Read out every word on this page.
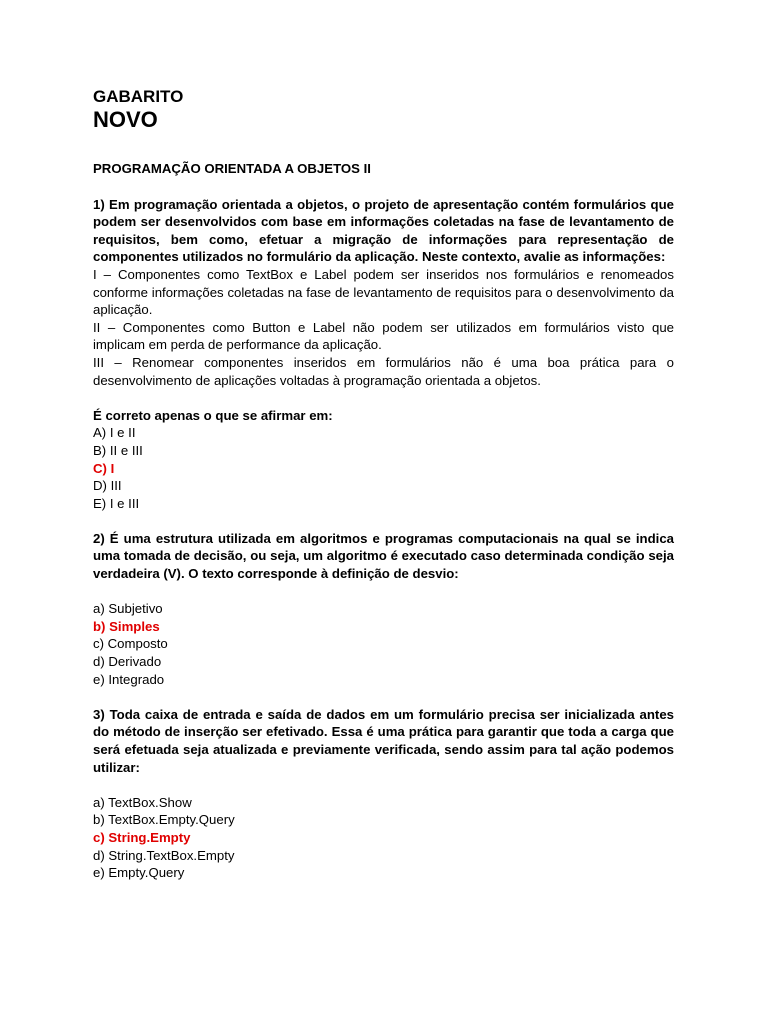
GABARITO
NOVO
PROGRAMAÇÃO ORIENTADA A OBJETOS II

1) Em programação orientada a objetos, o projeto de apresentação contém formulários que podem ser desenvolvidos com base em informações coletadas na fase de levantamento de requisitos, bem como, efetuar a migração de informações para representação de componentes utilizados no formulário da aplicação. Neste contexto, avalie as informações:

I – Componentes como TextBox e Label podem ser inseridos nos formulários e renomeados conforme informações coletadas na fase de levantamento de requisitos para o desenvolvimento da aplicação.

II – Componentes como Button e Label não podem ser utilizados em formulários visto que implicam em perda de performance da aplicação.

III – Renomear componentes inseridos em formulários não é uma boa prática para o desenvolvimento de aplicações voltadas à programação orientada a objetos.

É correto apenas o que se afirmar em:

A) I e II
B) II e III
C) I
D) III
E) I e III

2) É uma estrutura utilizada em algoritmos e programas computacionais na qual se indica uma tomada de decisão, ou seja, um algoritmo é executado caso determinada condição seja verdadeira (V). O texto corresponde à definição de desvio:

a) Subjetivo
b) Simples
c) Composto
d) Derivado
e) Integrado

3) Toda caixa de entrada e saída de dados em um formulário precisa ser inicializada antes do método de inserção ser efetivado. Essa é uma prática para garantir que toda a carga que será efetuada seja atualizada e previamente verificada, sendo assim para tal ação podemos utilizar:

a) TextBox.Show
b) TextBox.Empty.Query
c) String.Empty
d) String.TextBox.Empty
e) Empty.Query
